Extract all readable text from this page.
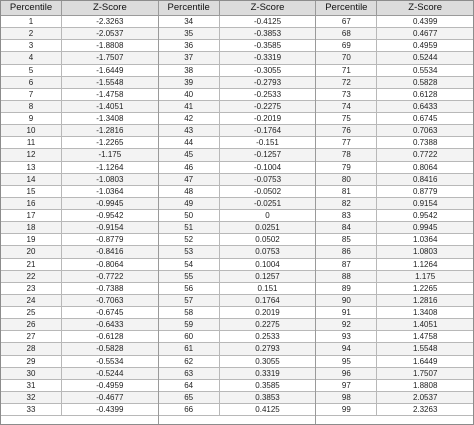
Percentile	Z-Score
1	-2.3263
2	-2.0537
3	-1.8808
4	-1.7507
5	-1.6449
6	-1.5548
7	-1.4758
8	-1.4051
9	-1.3408
10	-1.2816
11	-1.2265
12	-1.175
13	-1.1264
14	-1.0803
15	-1.0364
16	-0.9945
17	-0.9542
18	-0.9154
19	-0.8779
20	-0.8416
21	-0.8064
22	-0.7722
23	-0.7388
24	-0.7063
25	-0.6745
26	-0.6433
27	-0.6128
28	-0.5828
29	-0.5534
30	-0.5244
31	-0.4959
32	-0.4677
33	-0.4399
Percentile	Z-Score
34	-0.4125
35	-0.3853
36	-0.3585
37	-0.3319
38	-0.3055
39	-0.2793
40	-0.2533
41	-0.2275
42	-0.2019
43	-0.1764
44	-0.151
45	-0.1257
46	-0.1004
47	-0.0753
48	-0.0502
49	-0.0251
50	0
51	0.0251
52	0.0502
53	0.0753
54	0.1004
55	0.1257
56	0.151
57	0.1764
58	0.2019
59	0.2275
60	0.2533
61	0.2793
62	0.3055
63	0.3319
64	0.3585
65	0.3853
66	0.4125
Percentile	Z-Score
67	0.4399
68	0.4677
69	0.4959
70	0.5244
71	0.5534
72	0.5828
73	0.6128
74	0.6433
75	0.6745
76	0.7063
77	0.7388
78	0.7722
79	0.8064
80	0.8416
81	0.8779
82	0.9154
83	0.9542
84	0.9945
85	1.0364
86	1.0803
87	1.1264
88	1.175
89	1.2265
90	1.2816
91	1.3408
92	1.4051
93	1.4758
94	1.5548
95	1.6449
96	1.7507
97	1.8808
98	2.0537
99	2.3263
